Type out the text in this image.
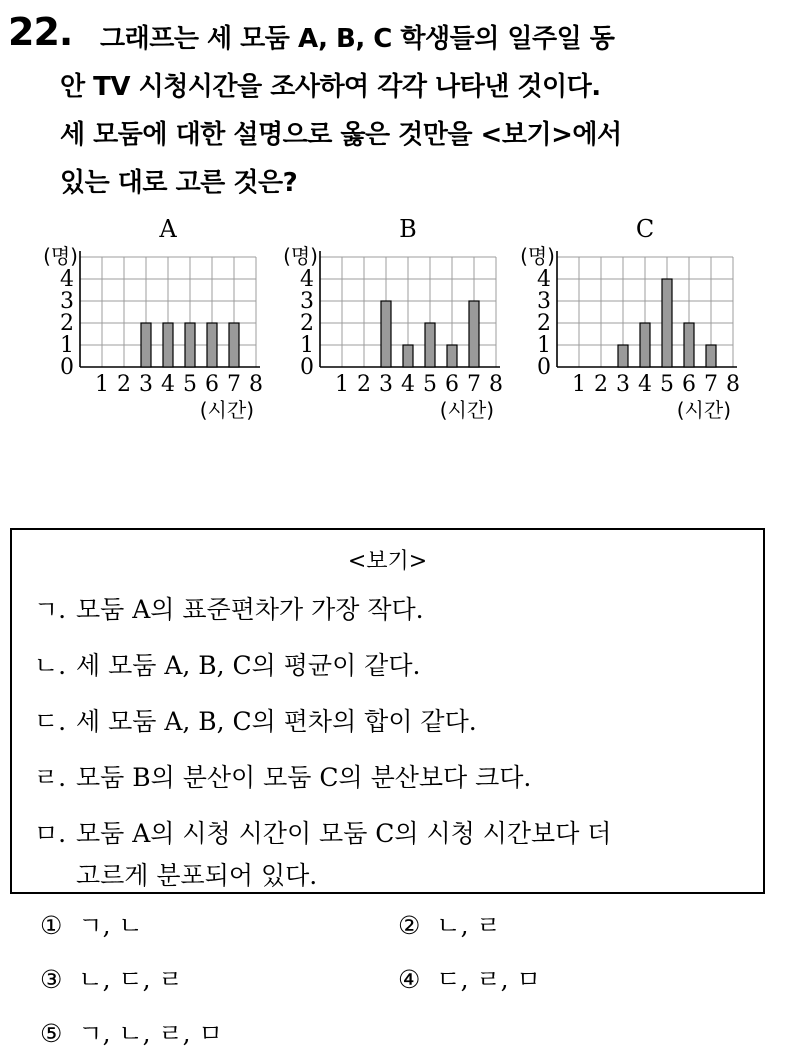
22. 그래프는 세 모둠 A, B, C 학생들의 일주일 동
안 TV 시청시간을 조사하여 각각 나타낸 것이다.
세 모둠에 대한 설명으로 옳은 것만을 <보기>에서
있는 대로 고른 것은?
A
(명)
0
1
2
3
4
1 2 3 4 5 6 7 8
(시간)
B
(명)
0
1
2
3
4
1 2 3 4 5 6 7 8
(시간)
C
(명)
0
1
2
3
4
1 2 3 4 5 6 7 8
(시간)
<보기>
ㄱ. 모둠 A의 표준편차가 가장 작다.
ㄴ. 세 모둠 A, B, C의 평균이 같다.
ㄷ. 세 모둠 A, B, C의 편차의 합이 같다.
ㄹ. 모둠 B의 분산이 모둠 C의 분산보다 크다.
ㅁ. 모둠 A의 시청 시간이 모둠 C의 시청 시간보다 더
고르게 분포되어 있다.
① ㄱ, ㄴ	② ㄴ, ㄹ
③ ㄴ, ㄷ, ㄹ	④ ㄷ, ㄹ, ㅁ
⑤ ㄱ, ㄴ, ㄹ, ㅁ
